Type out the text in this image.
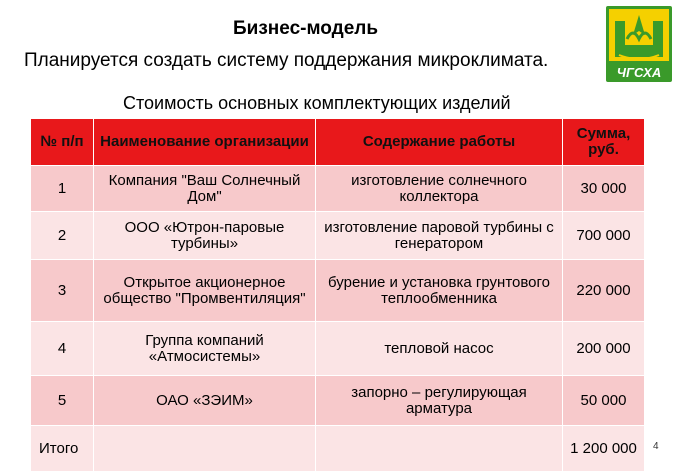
Бизнес-модель
Планируется создать систему поддержания микроклимата.
Стоимость основных комплектующих изделий
ЧГСХА
№ п/п	Наименование организации	Содержание работы	Сумма, руб.
1	Компания "Ваш Солнечный Дом"	изготовление солнечного коллектора	30 000
2	ООО «Ютрон-паровые турбины»	изготовление паровой турбины с генератором	700 000
3	Открытое акционерное общество "Промвентиляция"	бурение и установка грунтового теплообменника	220 000
4	Группа компаний «Атмосистемы»	тепловой насос	200 000
5	ОАО «ЗЭИМ»	запорно – регулирующая арматура	50 000
Итого			1 200 000 4
